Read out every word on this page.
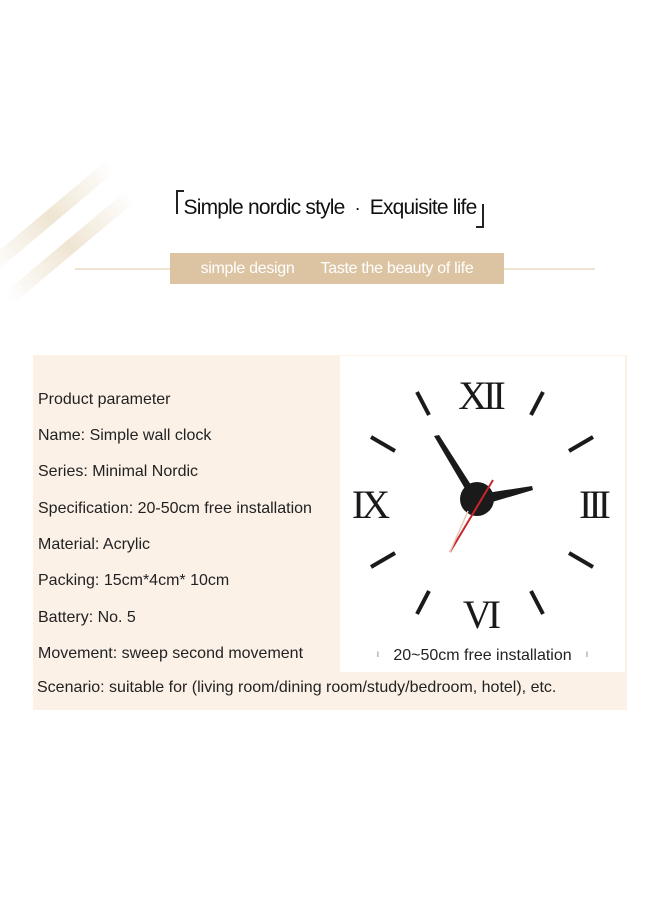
Simple nordic style · Exquisite life
simple design Taste the beauty of life
XII
III
VI
IX
ı 20~50cm free installation ı
Product parameter
Name: Simple wall clock
Series: Minimal Nordic
Specification: 20-50cm free installation
Material: Acrylic
Packing: 15cm*4cm* 10cm
Battery: No. 5
Movement: sweep second movement
Scenario: suitable for (living room/dining room/study/bedroom, hotel), etc.
